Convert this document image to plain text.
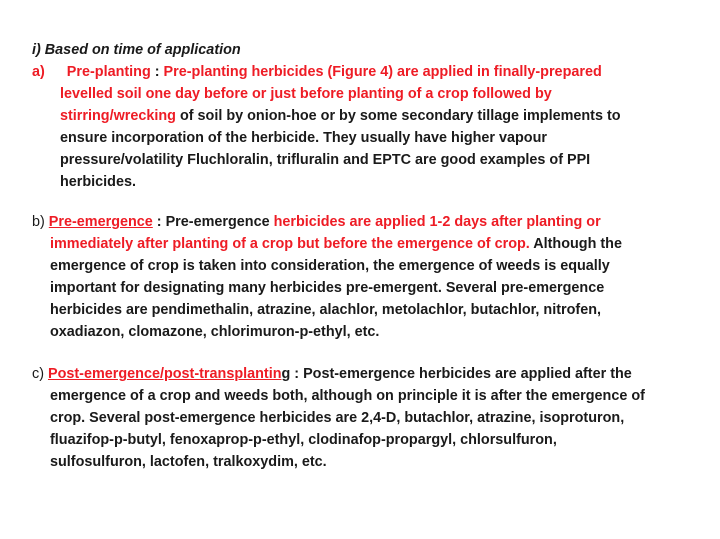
i) Based on time of application
a) Pre-planting : Pre-planting herbicides (Figure 4) are applied in finally-prepared
levelled soil one day before or just before planting of a crop followed by
stirring/wrecking of soil by onion-hoe or by some secondary tillage implements to
ensure incorporation of the herbicide. They usually have higher vapour
pressure/volatility Fluchloralin, trifluralin and EPTC are good examples of PPI
herbicides.
b) Pre-emergence : Pre-emergence herbicides are applied 1-2 days after planting or
immediately after planting of a crop but before the emergence of crop. Although the
emergence of crop is taken into consideration, the emergence of weeds is equally
important for designating many herbicides pre-emergent. Several pre-emergence
herbicides are pendimethalin, atrazine, alachlor, metolachlor, butachlor, nitrofen,
oxadiazon, clomazone, chlorimuron-p-ethyl, etc.
c) Post-emergence/post-transplanting : Post-emergence herbicides are applied after the
emergence of a crop and weeds both, although on principle it is after the emergence of
crop. Several post-emergence herbicides are 2,4-D, butachlor, atrazine, isoproturon,
fluazifop-p-butyl, fenoxaprop-p-ethyl, clodinafop-propargyl, chlorsulfuron,
sulfosulfuron, lactofen, tralkoxydim, etc.
